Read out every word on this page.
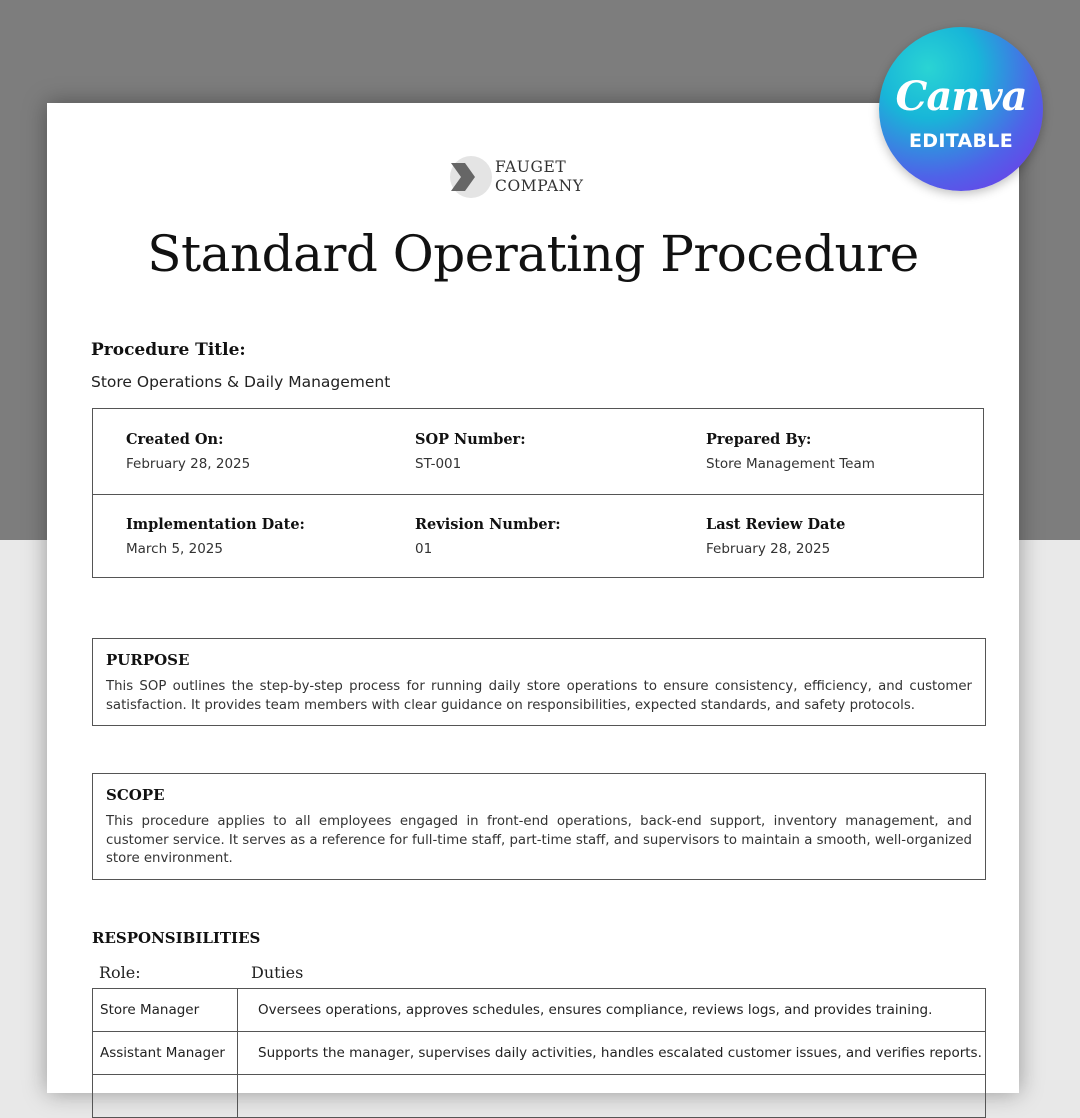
FAUGET
COMPANY
Standard Operating Procedure
Procedure Title:
Store Operations & Daily Management
Created On:
February 28, 2025
SOP Number:
ST-001
Prepared By:
Store Management Team
Implementation Date:
March 5, 2025
Revision Number:
01
Last Review Date
February 28, 2025
PURPOSE
This SOP outlines the step-by-step process for running daily store operations to ensure consistency, efficiency, and customer satisfaction. It provides team members with clear guidance on responsibilities, expected standards, and safety protocols.
SCOPE
This procedure applies to all employees engaged in front-end operations, back-end support, inventory management, and customer service. It serves as a reference for full-time staff, part-time staff, and supervisors to maintain a smooth, well-organized store environment.
RESPONSIBILITIES
Role:	Duties
Store Manager	Oversees operations, approves schedules, ensures compliance, reviews logs, and provides training.
Assistant Manager	Supports the manager, supervises daily activities, handles escalated customer issues, and verifies reports.

Canva
EDITABLE
